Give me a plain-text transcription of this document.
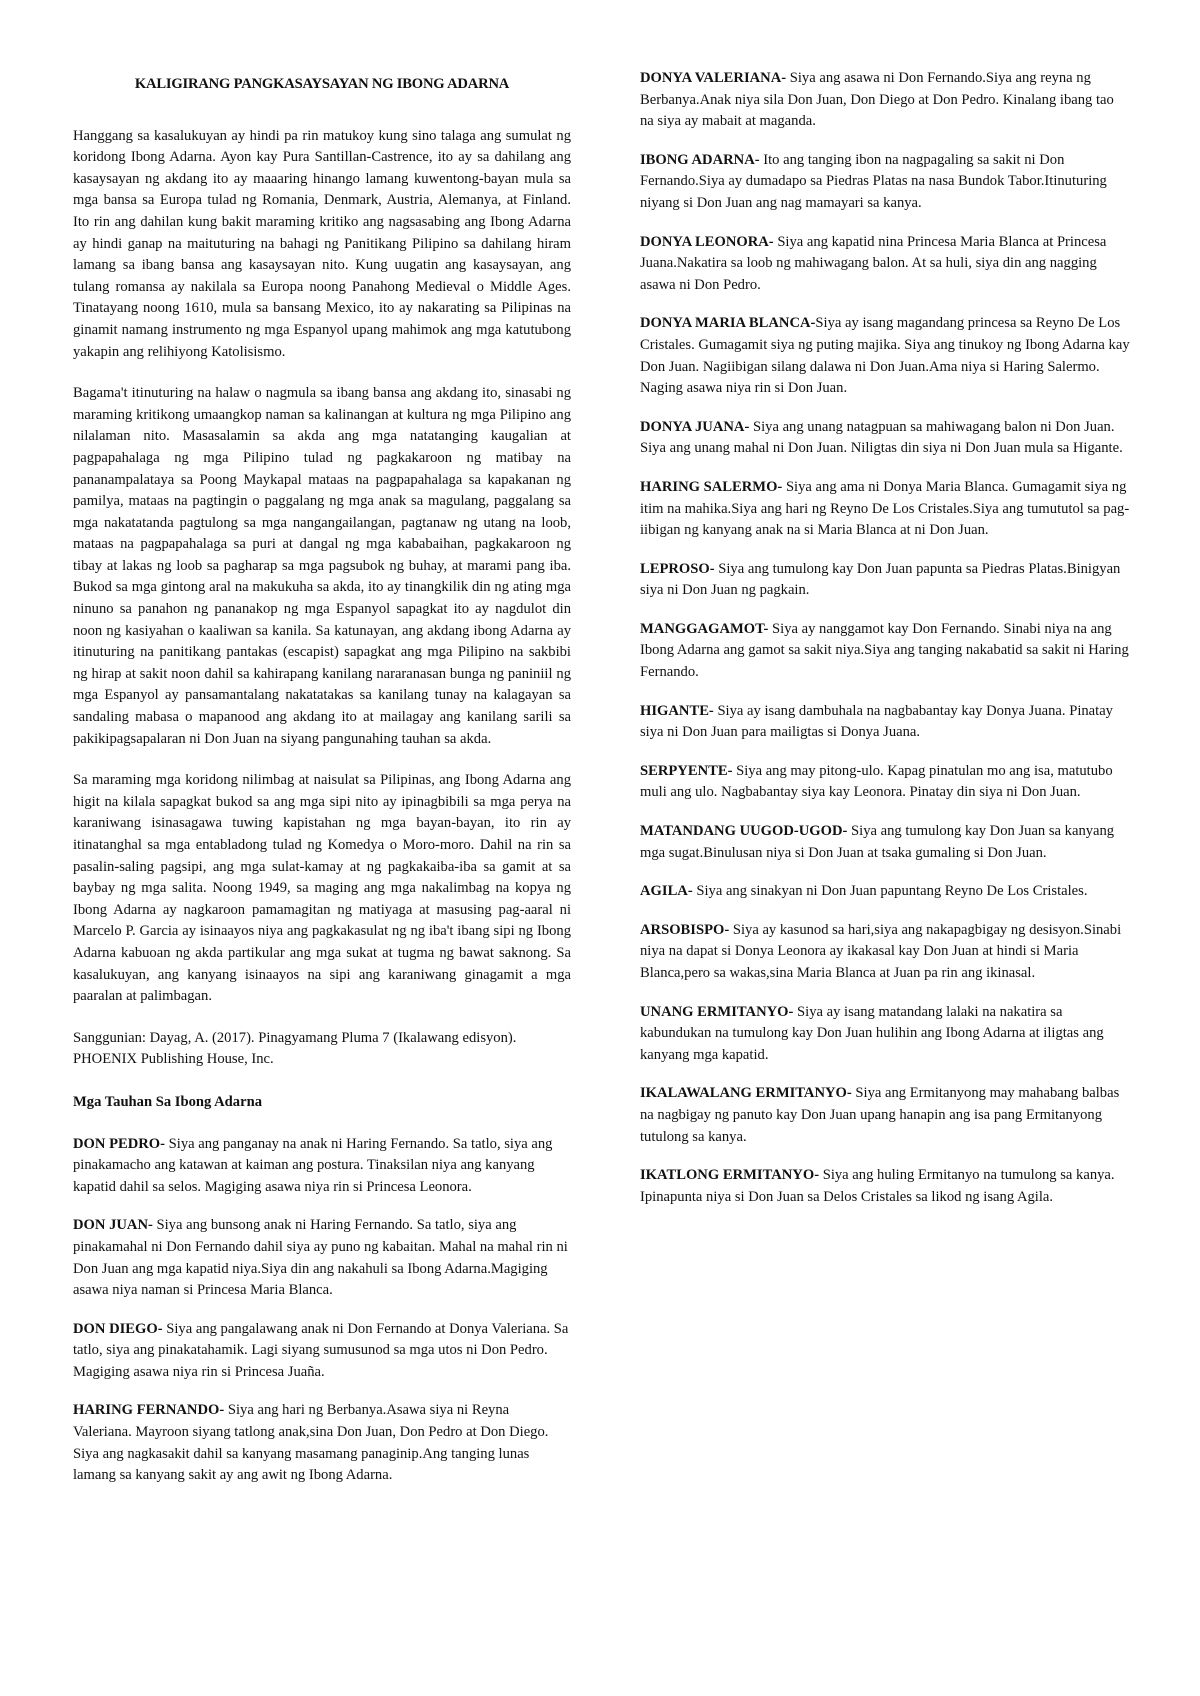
KALIGIRANG PANGKASAYSAYAN NG IBONG ADARNA

Hanggang sa kasalukuyan ay hindi pa rin matukoy kung sino talaga ang sumulat ng koridong Ibong Adarna. Ayon kay Pura Santillan-Castrence, ito ay sa dahilang ang kasaysayan ng akdang ito ay maaaring hinango lamang kuwentong-bayan mula sa mga bansa sa Europa tulad ng Romania, Denmark, Austria, Alemanya, at Finland. Ito rin ang dahilan kung bakit maraming kritiko ang nagsasabing ang Ibong Adarna ay hindi ganap na maituturing na bahagi ng Panitikang Pilipino sa dahilang hiram lamang sa ibang bansa ang kasaysayan nito. Kung uugatin ang kasaysayan, ang tulang romansa ay nakilala sa Europa noong Panahong Medieval o Middle Ages. Tinatayang noong 1610, mula sa bansang Mexico, ito ay nakarating sa Pilipinas na ginamit namang instrumento ng mga Espanyol upang mahimok ang mga katutubong yakapin ang relihiyong Katolisismo.

Bagama't itinuturing na halaw o nagmula sa ibang bansa ang akdang ito, sinasabi ng maraming kritikong umaangkop naman sa kalinangan at kultura ng mga Pilipino ang nilalaman nito. Masasalamin sa akda ang mga natatanging kaugalian at pagpapahalaga ng mga Pilipino tulad ng pagkakaroon ng matibay na pananampalataya sa Poong Maykapal mataas na pagpapahalaga sa kapakanan ng pamilya, mataas na pagtingin o paggalang ng mga anak sa magulang, paggalang sa mga nakatatanda pagtulong sa mga nangangailangan, pagtanaw ng utang na loob, mataas na pagpapahalaga sa puri at dangal ng mga kababaihan, pagkakaroon ng tibay at lakas ng loob sa pagharap sa mga pagsubok ng buhay, at marami pang iba. Bukod sa mga gintong aral na makukuha sa akda, ito ay tinangkilik din ng ating mga ninuno sa panahon ng pananakop ng mga Espanyol sapagkat ito ay nagdulot din noon ng kasiyahan o kaaliwan sa kanila. Sa katunayan, ang akdang ibong Adarna ay itinuturing na panitikang pantakas (escapist) sapagkat ang mga Pilipino na sakbibi ng hirap at sakit noon dahil sa kahirapang kanilang nararanasan bunga ng paniniil ng mga Espanyol ay pansamantalang nakatatakas sa kanilang tunay na kalagayan sa sandaling mabasa o mapanood ang akdang ito at mailagay ang kanilang sarili sa pakikipagsapalaran ni Don Juan na siyang pangunahing tauhan sa akda.

Sa maraming mga koridong nilimbag at naisulat sa Pilipinas, ang Ibong Adarna ang higit na kilala sapagkat bukod sa ang mga sipi nito ay ipinagbibili sa mga perya na karaniwang isinasagawa tuwing kapistahan ng mga bayan-bayan, ito rin ay itinatanghal sa mga entabladong tulad ng Komedya o Moro-moro. Dahil na rin sa pasalin-saling pagsipi, ang mga sulat-kamay at ng pagkakaiba-iba sa gamit at sa baybay ng mga salita. Noong 1949, sa maging ang mga nakalimbag na kopya ng Ibong Adarna ay nagkaroon pamamagitan ng matiyaga at masusing pag-aaral ni Marcelo P. Garcia ay isinaayos niya ang pagkakasulat ng ng iba't ibang sipi ng Ibong Adarna kabuoan ng akda partikular ang mga sukat at tugma ng bawat saknong. Sa kasalukuyan, ang kanyang isinaayos na sipi ang karaniwang ginagamit a mga paaralan at palimbagan.

Sanggunian: Dayag, A. (2017). Pinagyamang Pluma 7 (Ikalawang edisyon). PHOENIX Publishing House, Inc.

Mga Tauhan Sa Ibong Adarna

DON PEDRO- Siya ang panganay na anak ni Haring Fernando. Sa tatlo, siya ang pinakamacho ang katawan at kaiman ang postura. Tinaksilan niya ang kanyang kapatid dahil sa selos. Magiging asawa niya rin si Princesa Leonora.

DON JUAN- Siya ang bunsong anak ni Haring Fernando. Sa tatlo, siya ang pinakamahal ni Don Fernando dahil siya ay puno ng kabaitan. Mahal na mahal rin ni Don Juan ang mga kapatid niya.Siya din ang nakahuli sa Ibong Adarna.Magiging asawa niya naman si Princesa Maria Blanca.

DON DIEGO- Siya ang pangalawang anak ni Don Fernando at Donya Valeriana. Sa tatlo, siya ang pinakatahamik. Lagi siyang sumusunod sa mga utos ni Don Pedro. Magiging asawa niya rin si Princesa Juaña.

HARING FERNANDO- Siya ang hari ng Berbanya.Asawa siya ni Reyna Valeriana. Mayroon siyang tatlong anak,sina Don Juan, Don Pedro at Don Diego. Siya ang nagkasakit dahil sa kanyang masamang panaginip.Ang tanging lunas lamang sa kanyang sakit ay ang awit ng Ibong Adarna.

DONYA VALERIANA- Siya ang asawa ni Don Fernando.Siya ang reyna ng Berbanya.Anak niya sila Don Juan, Don Diego at Don Pedro. Kinalang ibang tao na siya ay mabait at maganda.

IBONG ADARNA- Ito ang tanging ibon na nagpagaling sa sakit ni Don Fernando.Siya ay dumadapo sa Piedras Platas na nasa Bundok Tabor.Itinuturing niyang si Don Juan ang nag mamayari sa kanya.

DONYA LEONORA- Siya ang kapatid nina Princesa Maria Blanca at Princesa Juana.Nakatira sa loob ng mahiwagang balon. At sa huli, siya din ang nagging asawa ni Don Pedro.

DONYA MARIA BLANCA-Siya ay isang magandang princesa sa Reyno De Los Cristales. Gumagamit siya ng puting majika. Siya ang tinukoy ng Ibong Adarna kay Don Juan. Nagiibigan silang dalawa ni Don Juan.Ama niya si Haring Salermo. Naging asawa niya rin si Don Juan.

DONYA JUANA- Siya ang unang natagpuan sa mahiwagang balon ni Don Juan. Siya ang unang mahal ni Don Juan. Niligtas din siya ni Don Juan mula sa Higante.

HARING SALERMO- Siya ang ama ni Donya Maria Blanca. Gumagamit siya ng itim na mahika.Siya ang hari ng Reyno De Los Cristales.Siya ang tumututol sa pag-iibigan ng kanyang anak na si Maria Blanca at ni Don Juan.

LEPROSO- Siya ang tumulong kay Don Juan papunta sa Piedras Platas.Binigyan siya ni Don Juan ng pagkain.

MANGGAGAMOT- Siya ay nanggamot kay Don Fernando. Sinabi niya na ang Ibong Adarna ang gamot sa sakit niya.Siya ang tanging nakabatid sa sakit ni Haring Fernando.

HIGANTE- Siya ay isang dambuhala na nagbabantay kay Donya Juana. Pinatay siya ni Don Juan para mailigtas si Donya Juana.

SERPYENTE- Siya ang may pitong-ulo. Kapag pinatulan mo ang isa, matutubo muli ang ulo. Nagbabantay siya kay Leonora. Pinatay din siya ni Don Juan.

MATANDANG UUGOD-UGOD- Siya ang tumulong kay Don Juan sa kanyang mga sugat.Binulusan niya si Don Juan at tsaka gumaling si Don Juan.

AGILA- Siya ang sinakyan ni Don Juan papuntang Reyno De Los Cristales.

ARSOBISPO- Siya ay kasunod sa hari,siya ang nakapagbigay ng desisyon.Sinabi niya na dapat si Donya Leonora ay ikakasal kay Don Juan at hindi si Maria Blanca,pero sa wakas,sina Maria Blanca at Juan pa rin ang ikinasal.

UNANG ERMITANYO- Siya ay isang matandang lalaki na nakatira sa kabundukan na tumulong kay Don Juan hulihin ang Ibong Adarna at iligtas ang kanyang mga kapatid.

IKALAWALANG ERMITANYO- Siya ang Ermitanyong may mahabang balbas na nagbigay ng panuto kay Don Juan upang hanapin ang isa pang Ermitanyong tutulong sa kanya.

IKATLONG ERMITANYO- Siya ang huling Ermitanyo na tumulong sa kanya. Ipinapunta niya si Don Juan sa Delos Cristales sa likod ng isang Agila.
